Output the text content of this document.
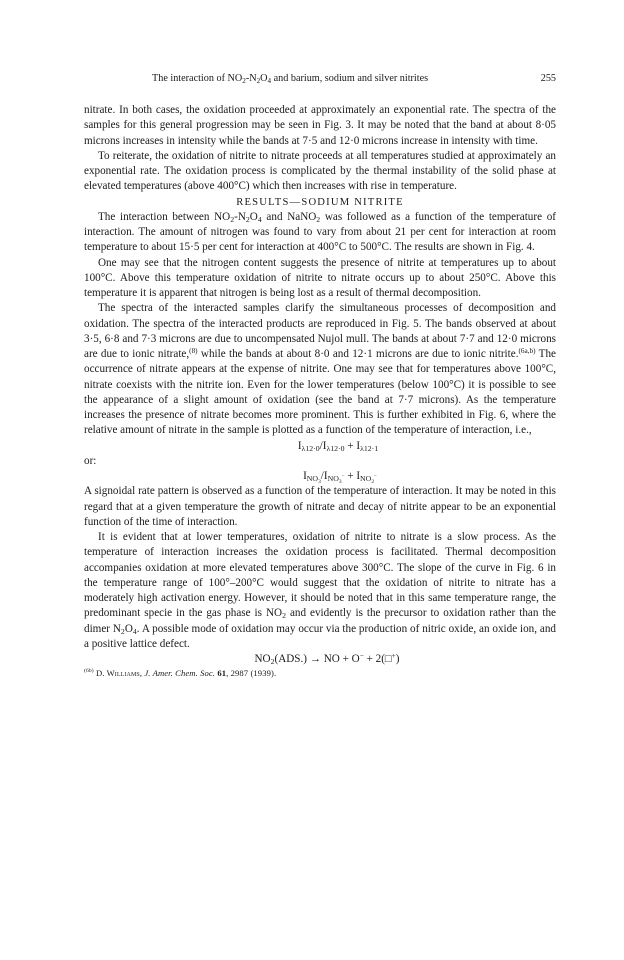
The interaction of $NO_2-N_2O_4$ and barium, sodium and silver nitrites	255

nitrate. In both cases, the oxidation proceeded at approximately an exponential rate. The spectra of the samples for this general progression may be seen in Fig. 3. It may be noted that the band at about 8·05 microns increases in intensity while the bands at 7·5 and 12·0 microns increase in intensity with time.

To reiterate, the oxidation of nitrite to nitrate proceeds at all temperatures studied at approximately an exponential rate. The oxidation process is complicated by the thermal instability of the solid phase at elevated temperatures (above 400°C) which then increases with rise in temperature.

RESULTS—SODIUM NITRITE

The interaction between $NO_2-N_2O_4$ and NaNO$_2$ was followed as a function of the temperature of interaction. The amount of nitrogen was found to vary from about 21 per cent for interaction at room temperature to about 15·5 per cent for interaction at 400°C to 500°C. The results are shown in Fig. 4.

One may see that the nitrogen content suggests the presence of nitrite at temperatures up to about 100°C. Above this temperature oxidation of nitrite to nitrate occurs up to about 250°C. Above this temperature it is apparent that nitrogen is being lost as a result of thermal decomposition.

The spectra of the interacted samples clarify the simultaneous processes of decomposition and oxidation. The spectra of the interacted products are reproduced in Fig. 5. The bands observed at about 3·5, 6·8 and 7·3 microns are due to uncompensated Nujol mull. The bands at about 7·7 and 12·0 microns are due to ionic nitrate,$^{(8)}$ while the bands at about 8·0 and 12·1 microns are due to ionic nitrite.$^{(6a,b)}$ The occurrence of nitrate appears at the expense of nitrite. One may see that for temperatures above 100°C, nitrate coexists with the nitrite ion. Even for the lower temperatures (below 100°C) it is possible to see the appearance of a slight amount of oxidation (see the band at 7·7 microns). As the temperature increases the presence of nitrate becomes more prominent. This is further exhibited in Fig. 6, where the relative amount of nitrate in the sample is plotted as a function of the temperature of interaction, i.e.,

$I_{\lambda 12\cdot 0}/I_{\lambda 12\cdot 0} + I_{\lambda 12\cdot 1}$

or:

$I_{NO_3}/I_{NO_3^-} + I_{NO_2^-}$

A signoidal rate pattern is observed as a function of the temperature of interaction. It may be noted in this regard that at a given temperature the growth of nitrate and decay of nitrite appear to be an exponential function of the time of interaction.

It is evident that at lower temperatures, oxidation of nitrite to nitrate is a slow process. As the temperature of interaction increases the oxidation process is facilitated. Thermal decomposition accompanies oxidation at more elevated temperatures above 300°C. The slope of the curve in Fig. 6 in the temperature range of 100°–200°C would suggest that the oxidation of nitrite to nitrate has a moderately high activation energy. However, it should be noted that in this same temperature range, the predominant specie in the gas phase is $NO_2$ and evidently is the precursor to oxidation rather than the dimer $N_2O_4$. A possible mode of oxidation may occur via the production of nitric oxide, an oxide ion, and a positive lattice defect.

$NO_2(ADS.)$ → NO + O− + 2(□+)

$^{(6b)}$ D. Williams, J. Amer. Chem. Soc. 61, 2987 (1939).
